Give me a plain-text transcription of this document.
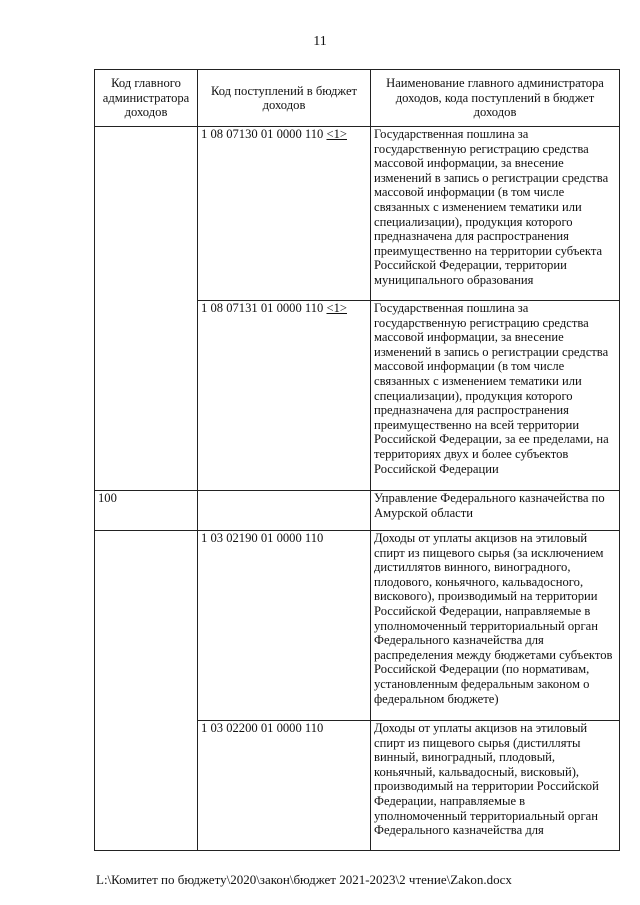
11
Код главного администратора доходов	Код поступлений в бюджет доходов	Наименование главного администратора доходов, кода поступлений в бюджет доходов
	1 08 07130 01 0000 110 <1>	Государственная пошлина за государственную регистрацию средства массовой информации, за внесение изменений в запись о регистрации средства массовой информации (в том числе связанных с изменением тематики или специализации), продукция которого предназначена для распространения преимущественно на территории субъекта Российской Федерации, территории муниципального образования
	1 08 07131 01 0000 110 <1>	Государственная пошлина за государственную регистрацию средства массовой информации, за внесение изменений в запись о регистрации средства массовой информации (в том числе связанных с изменением тематики или специализации), продукция которого предназначена для распространения преимущественно на всей территории Российской Федерации, за ее пределами, на территориях двух и более субъектов Российской Федерации
100		Управление Федерального казначейства по Амурской области
	1 03 02190 01 0000 110	Доходы от уплаты акцизов на этиловый спирт из пищевого сырья (за исключением дистиллятов винного, виноградного, плодового, коньячного, кальвадосного, вискового), производимый на территории Российской Федерации, направляемые в уполномоченный территориальный орган Федерального казначейства для распределения между бюджетами субъектов Российской Федерации (по нормативам, установленным федеральным законом о федеральном бюджете)
	1 03 02200 01 0000 110	Доходы от уплаты акцизов на этиловый спирт из пищевого сырья (дистилляты винный, виноградный, плодовый, коньячный, кальвадосный, висковый), производимый на территории Российской Федерации, направляемые в уполномоченный территориальный орган Федерального казначейства для
L:\Комитет по бюджету\2020\закон\бюджет 2021-2023\2 чтение\Zakon.docx
